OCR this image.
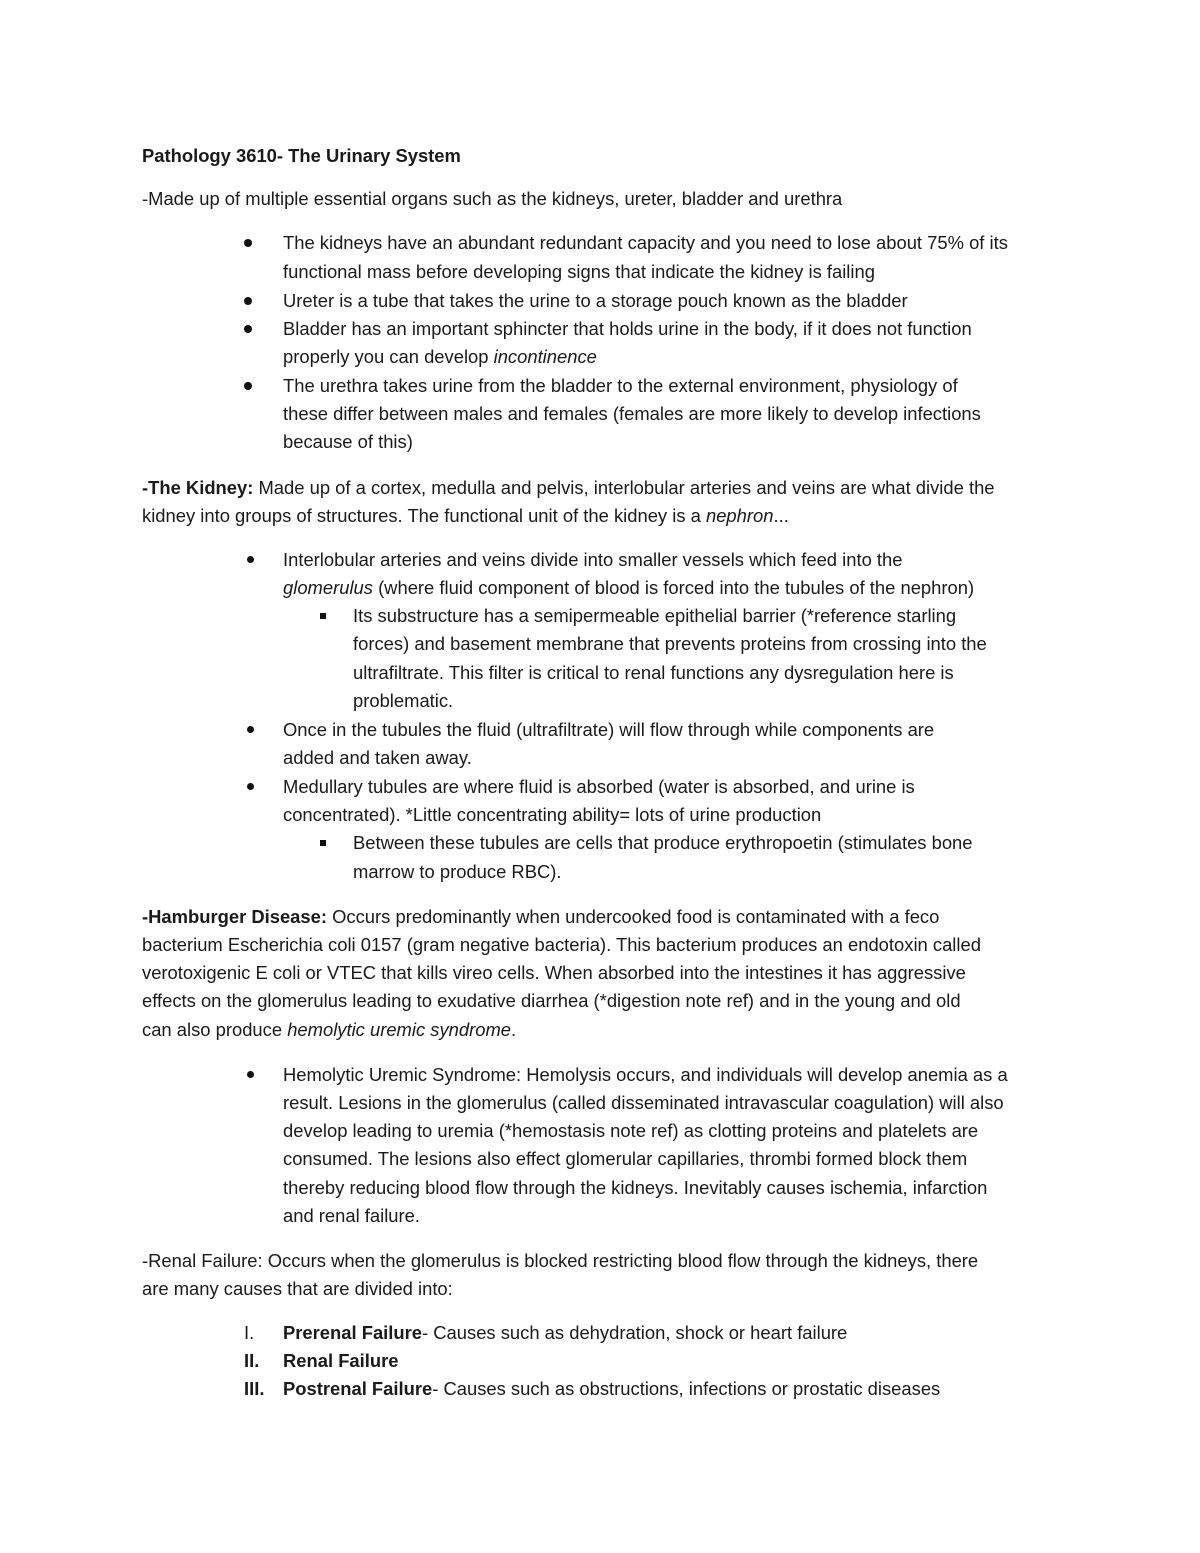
Pathology 3610- The Urinary System
-Made up of multiple essential organs such as the kidneys, ureter, bladder and urethra
The kidneys have an abundant redundant capacity and you need to lose about 75% of its
functional mass before developing signs that indicate the kidney is failing
Ureter is a tube that takes the urine to a storage pouch known as the bladder
Bladder has an important sphincter that holds urine in the body, if it does not function
properly you can develop incontinence
The urethra takes urine from the bladder to the external environment, physiology of
these differ between males and females (females are more likely to develop infections
because of this)
-The Kidney: Made up of a cortex, medulla and pelvis, interlobular arteries and veins are what divide the
kidney into groups of structures. The functional unit of the kidney is a nephron...
Interlobular arteries and veins divide into smaller vessels which feed into the
glomerulus (where fluid component of blood is forced into the tubules of the nephron)
Its substructure has a semipermeable epithelial barrier (*reference starling
forces) and basement membrane that prevents proteins from crossing into the
ultrafiltrate. This filter is critical to renal functions any dysregulation here is
problematic.
Once in the tubules the fluid (ultrafiltrate) will flow through while components are
added and taken away.
Medullary tubules are where fluid is absorbed (water is absorbed, and urine is
concentrated). *Little concentrating ability= lots of urine production
Between these tubules are cells that produce erythropoetin (stimulates bone
marrow to produce RBC).
-Hamburger Disease: Occurs predominantly when undercooked food is contaminated with a feco
bacterium Escherichia coli 0157 (gram negative bacteria). This bacterium produces an endotoxin called
verotoxigenic E coli or VTEC that kills vireo cells. When absorbed into the intestines it has aggressive
effects on the glomerulus leading to exudative diarrhea (*digestion note ref) and in the young and old
can also produce hemolytic uremic syndrome.
Hemolytic Uremic Syndrome: Hemolysis occurs, and individuals will develop anemia as a
result. Lesions in the glomerulus (called disseminated intravascular coagulation) will also
develop leading to uremia (*hemostasis note ref) as clotting proteins and platelets are
consumed. The lesions also effect glomerular capillaries, thrombi formed block them
thereby reducing blood flow through the kidneys. Inevitably causes ischemia, infarction
and renal failure.
-Renal Failure: Occurs when the glomerulus is blocked restricting blood flow through the kidneys, there
are many causes that are divided into:
I. Prerenal Failure- Causes such as dehydration, shock or heart failure
II. Renal Failure
III. Postrenal Failure- Causes such as obstructions, infections or prostatic diseases
